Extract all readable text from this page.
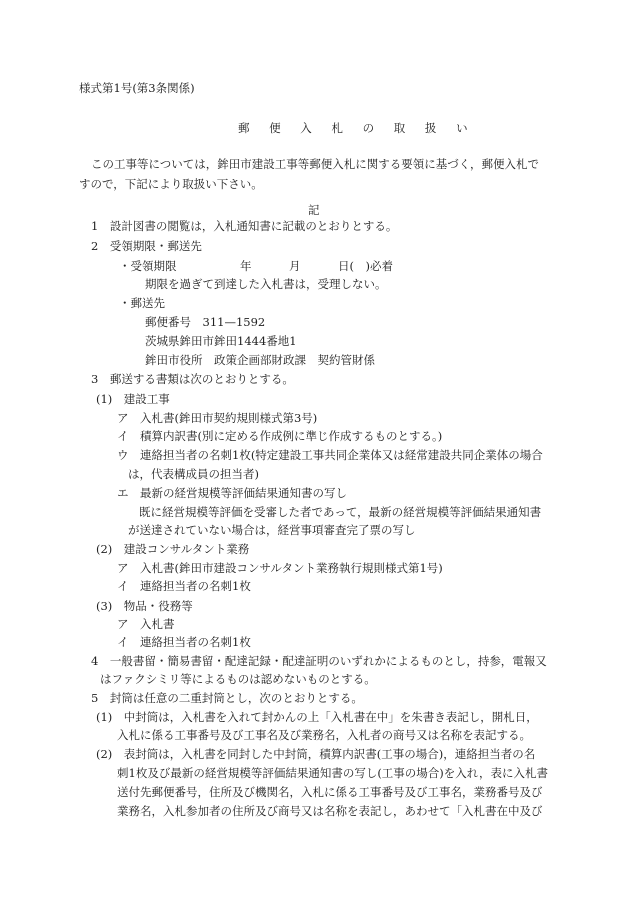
様式第1号(第3条関係)
郵 便 入 札 の 取 扱 い
この工事等については，鉾田市建設工事等郵便入札に関する要領に基づく，郵便入札で
すので，下記により取扱い下さい。
記
1　設計図書の閲覧は，入札通知書に記載のとおりとする。
2　受領期限・郵送先
・受領期限	年	月	日(　)必着
期限を過ぎて到達した入札書は，受理しない。
・郵送先
郵便番号　311—1592
茨城県鉾田市鉾田1444番地1
鉾田市役所　政策企画部財政課　契約管財係
3　郵送する書類は次のとおりとする。
(1)　建設工事
ア　入札書(鉾田市契約規則様式第3号)
イ　積算内訳書(別に定める作成例に準じ作成するものとする。)
ウ　連絡担当者の名刺1枚(特定建設工事共同企業体又は経常建設共同企業体の場合
は，代表構成員の担当者)
エ　最新の経営規模等評価結果通知書の写し
既に経営規模等評価を受審した者であって，最新の経営規模等評価結果通知書
が送達されていない場合は，経営事項審査完了票の写し
(2)　建設コンサルタント業務
ア　入札書(鉾田市建設コンサルタント業務執行規則様式第1号)
イ　連絡担当者の名刺1枚
(3)　物品・役務等
ア　入札書
イ　連絡担当者の名刺1枚
4　一般書留・簡易書留・配達記録・配達証明のいずれかによるものとし，持参，電報又
はファクシミリ等によるものは認めないものとする。
5　封筒は任意の二重封筒とし，次のとおりとする。
(1)　中封筒は，入札書を入れて封かんの上「入札書在中」を朱書き表記し，開札日，
入札に係る工事番号及び工事名及び業務名，入札者の商号又は名称を表記する。
(2)　表封筒は，入札書を同封した中封筒，積算内訳書(工事の場合)，連絡担当者の名
刺1枚及び最新の経営規模等評価結果通知書の写し(工事の場合)を入れ，表に入札書
送付先郵便番号，住所及び機関名，入札に係る工事番号及び工事名，業務番号及び
業務名，入札参加者の住所及び商号又は名称を表記し，あわせて「入札書在中及び
